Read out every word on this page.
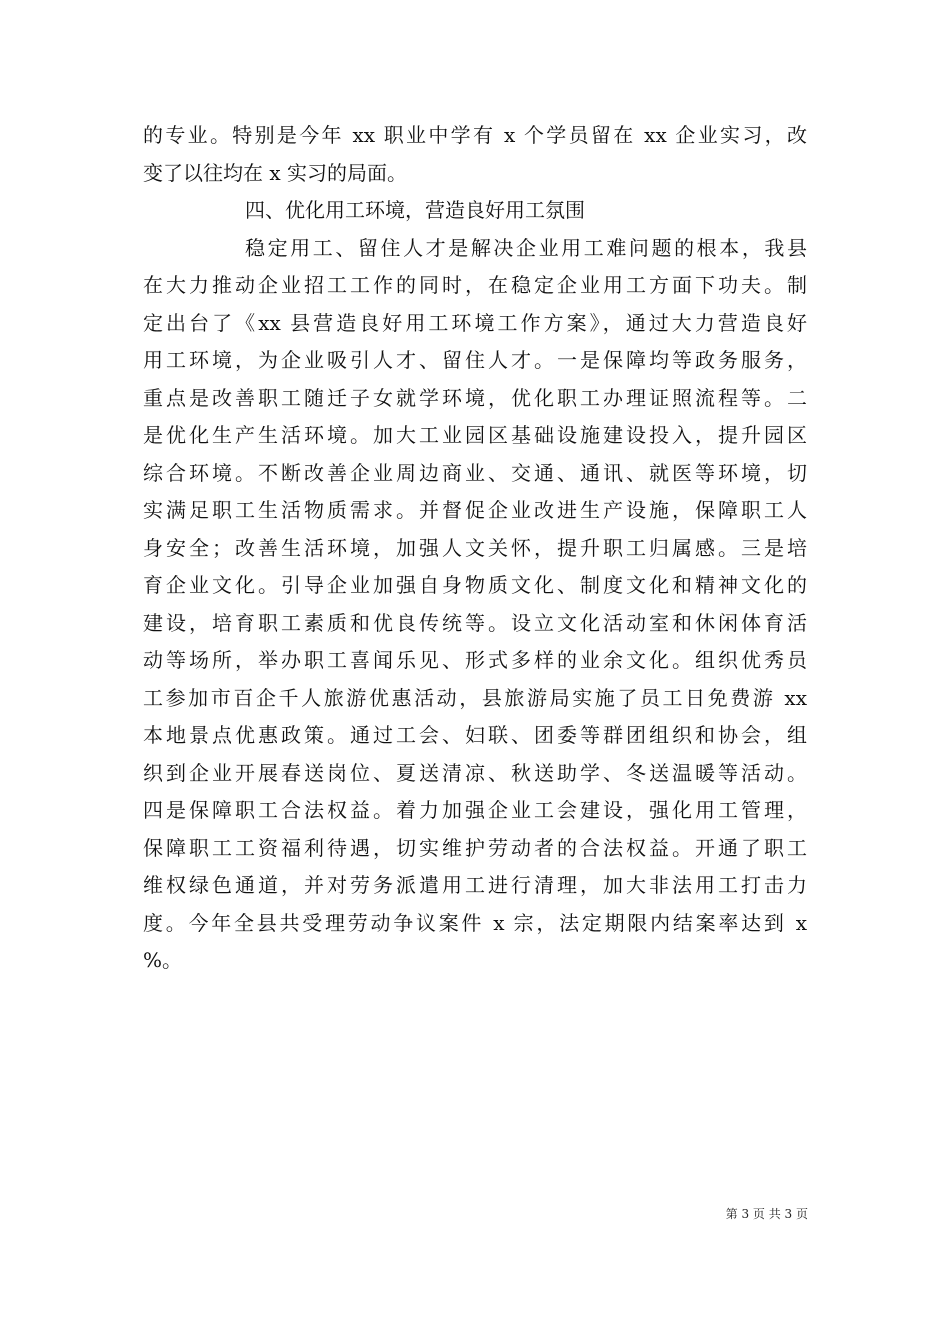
的专业。特别是今年 xx 职业中学有 x 个学员留在 xx 企业实习，改
变了以往均在 x 实习的局面。
四、优化用工环境，营造良好用工氛围
稳定用工、留住人才是解决企业用工难问题的根本，我县
在大力推动企业招工工作的同时，在稳定企业用工方面下功夫。制
定出台了《xx 县营造良好用工环境工作方案》，通过大力营造良好
用工环境，为企业吸引人才、留住人才。一是保障均等政务服务，
重点是改善职工随迁子女就学环境，优化职工办理证照流程等。二
是优化生产生活环境。加大工业园区基础设施建设投入，提升园区
综合环境。不断改善企业周边商业、交通、通讯、就医等环境，切
实满足职工生活物质需求。并督促企业改进生产设施，保障职工人
身安全；改善生活环境，加强人文关怀，提升职工归属感。三是培
育企业文化。引导企业加强自身物质文化、制度文化和精神文化的
建设，培育职工素质和优良传统等。设立文化活动室和休闲体育活
动等场所，举办职工喜闻乐见、形式多样的业余文化。组织优秀员
工参加市百企千人旅游优惠活动，县旅游局实施了员工日免费游 xx
本地景点优惠政策。通过工会、妇联、团委等群团组织和协会，组
织到企业开展春送岗位、夏送清凉、秋送助学、冬送温暖等活动。
四是保障职工合法权益。着力加强企业工会建设，强化用工管理，
保障职工工资福利待遇，切实维护劳动者的合法权益。开通了职工
维权绿色通道，并对劳务派遣用工进行清理，加大非法用工打击力
度。今年全县共受理劳动争议案件 x 宗，法定期限内结案率达到 x
%。
第 3 页 共 3 页
